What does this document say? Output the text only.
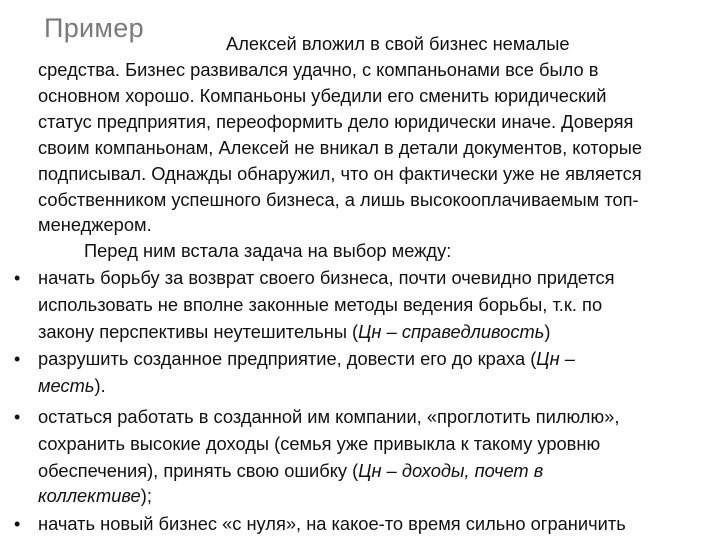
Пример
Алексей вложил в свой бизнес немалые
средства. Бизнес развивался удачно, с компаньонами все было в
основном хорошо. Компаньоны убедили его сменить юридический
статус предприятия, переоформить дело юридически иначе. Доверяя
своим компаньонам, Алексей не вникал в детали документов, которые
подписывал. Однажды обнаружил, что он фактически уже не является
собственником успешного бизнеса, а лишь высокооплачиваемым топ-
менеджером.
Перед ним встала задача на выбор между:
• начать борьбу за возврат своего бизнеса, почти очевидно придется
использовать не вполне законные методы ведения борьбы, т.к. по
закону перспективы неутешительны (Цн – справедливость)
• разрушить созданное предприятие, довести его до краха (Цн –
месть).
• остаться работать в созданной им компании, «проглотить пилюлю»,
сохранить высокие доходы (семья уже привыкла к такому уровню
обеспечения), принять свою ошибку (Цн – доходы, почет в
коллективе);
• начать новый бизнес «с нуля», на какое-то время сильно ограничить
